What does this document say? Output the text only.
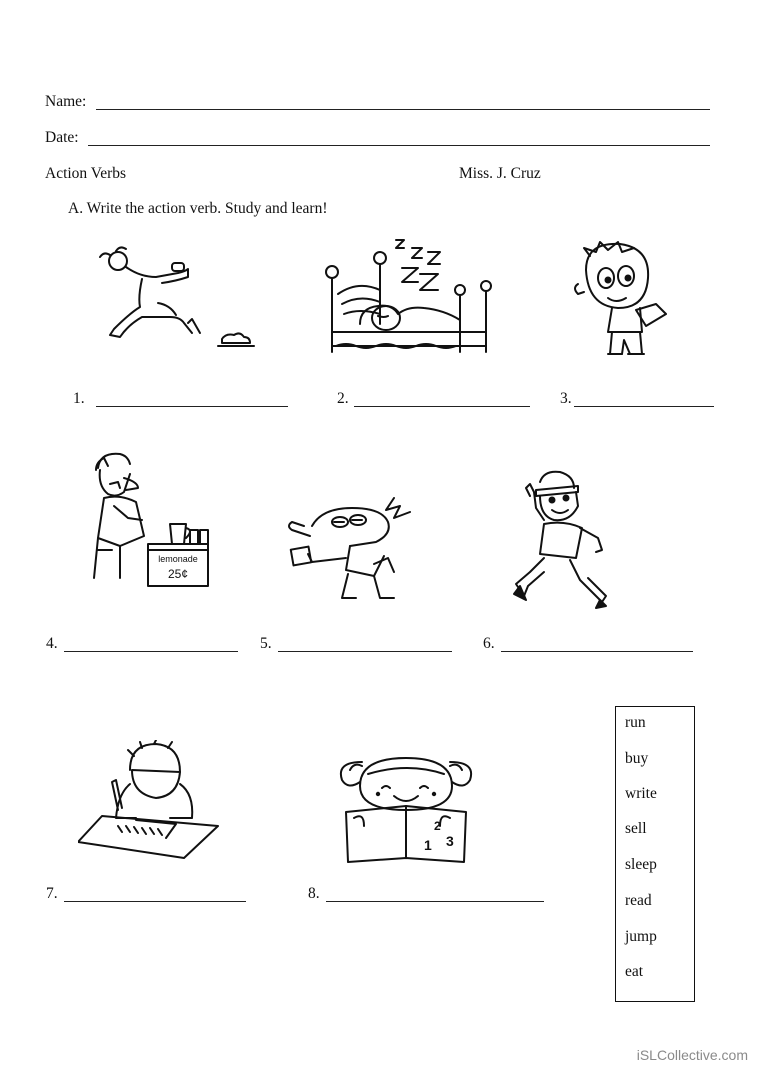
Name:
Date:
Action Verbs	Miss. J. Cruz
A. Write the action verb. Study and learn!
1.	2.	3.
lemonade
25¢
4.	5.	6.
2
1 3
7.	8.
run
buy
write
sell
sleep
read
jump
eat
iSLCollective.com
